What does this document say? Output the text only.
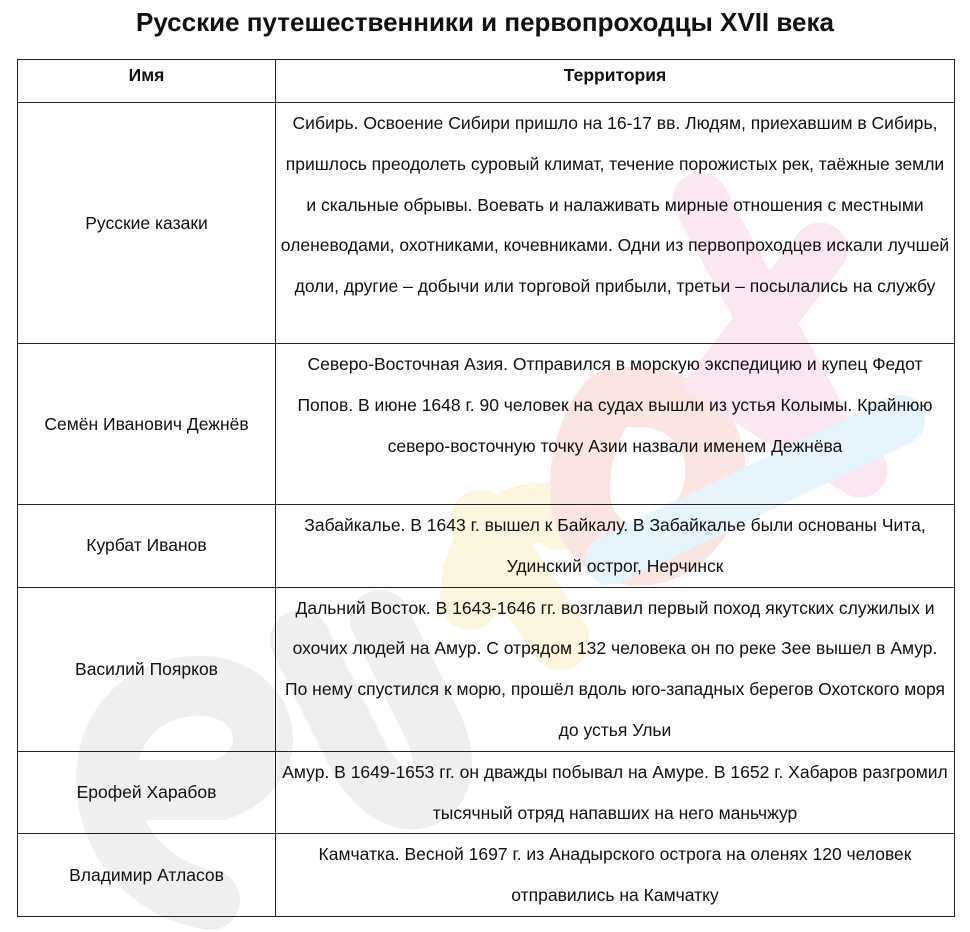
Русские путешественники и первопроходцы XVII века
Имя	Территория
Русские казаки	Сибирь. Освоение Сибири пришло на 16-17 вв. Людям, приехавшим в Сибирь, пришлось преодолеть суровый климат, течение порожистых рек, таёжные земли и скальные обрывы. Воевать и налаживать мирные отношения с местными оленеводами, охотниками, кочевниками. Одни из первопроходцев искали лучшей доли, другие – добычи или торговой прибыли, третьи – посылались на службу
Семён Иванович Дежнёв	Северо-Восточная Азия. Отправился в морскую экспедицию и купец Федот Попов. В июне 1648 г. 90 человек на судах вышли из устья Колымы. Крайнюю северо-восточную точку Азии назвали именем Дежнёва
Курбат Иванов	Забайкалье. В 1643 г. вышел к Байкалу. В Забайкалье были основаны Чита, Удинский острог, Нерчинск
Василий Поярков	Дальний Восток. В 1643-1646 гг. возглавил первый поход якутских служилых и охочих людей на Амур. С отрядом 132 человека он по реке Зее вышел в Амур. По нему спустился к морю, прошёл вдоль юго-западных берегов Охотского моря до устья Ульи
Ерофей Харабов	Амур. В 1649-1653 гг. он дважды побывал на Амуре. В 1652 г. Хабаров разгромил тысячный отряд напавших на него маньчжур
Владимир Атласов	Камчатка. Весной 1697 г. из Анадырского острога на оленях 120 человек отправились на Камчатку
